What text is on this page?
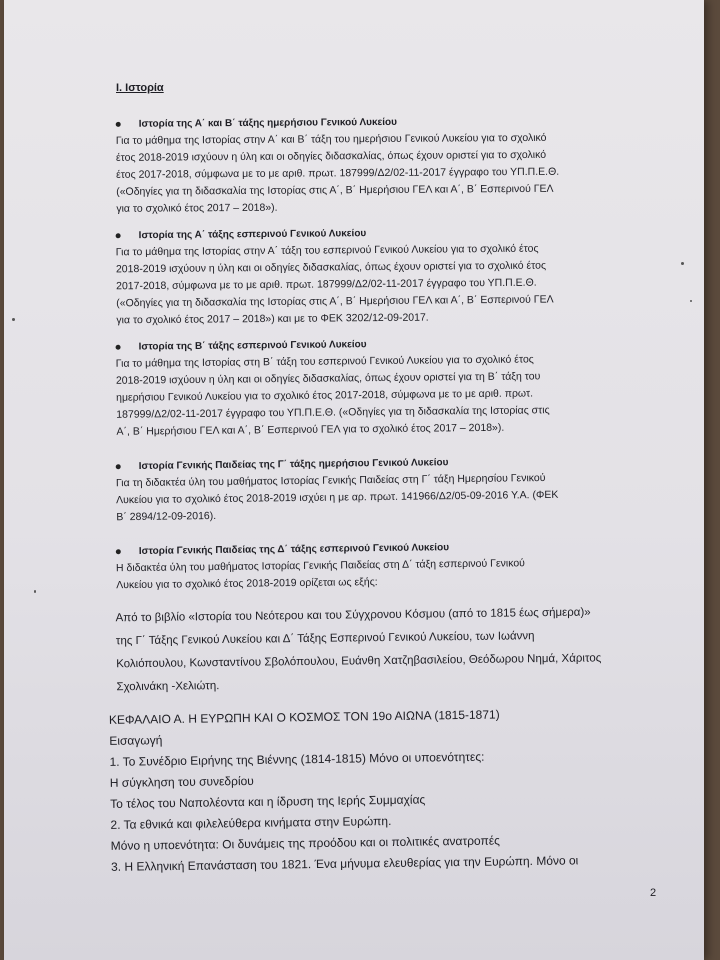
I. Ιστορία
Ιστορία της Α΄ και Β΄ τάξης ημερήσιου Γενικού Λυκείου
Για το μάθημα της Ιστορίας στην Α΄ και Β΄ τάξη του ημερήσιου Γενικού Λυκείου για το σχολικό
έτος 2018-2019 ισχύουν η ύλη και οι οδηγίες διδασκαλίας, όπως έχουν οριστεί για το σχολικό
έτος 2017-2018, σύμφωνα με το με αριθ. πρωτ. 187999/Δ2/02-11-2017 έγγραφο του ΥΠ.Π.Ε.Θ.
(«Οδηγίες για τη διδασκαλία της Ιστορίας στις Α΄, Β΄ Ημερήσιου ΓΕΛ και Α΄, Β΄ Εσπερινού ΓΕΛ
για το σχολικό έτος 2017 – 2018»).
Ιστορία της Α΄ τάξης εσπερινού Γενικού Λυκείου
Για το μάθημα της Ιστορίας στην Α΄ τάξη του εσπερινού Γενικού Λυκείου για το σχολικό έτος
2018-2019 ισχύουν η ύλη και οι οδηγίες διδασκαλίας, όπως έχουν οριστεί για το σχολικό έτος
2017-2018, σύμφωνα με το με αριθ. πρωτ. 187999/Δ2/02-11-2017 έγγραφο του ΥΠ.Π.Ε.Θ.
(«Οδηγίες για τη διδασκαλία της Ιστορίας στις Α΄, Β΄ Ημερήσιου ΓΕΛ και Α΄, Β΄ Εσπερινού ΓΕΛ
για το σχολικό έτος 2017 – 2018») και με το ΦΕΚ 3202/12-09-2017.
Ιστορία της Β΄ τάξης εσπερινού Γενικού Λυκείου
Για το μάθημα της Ιστορίας στη Β΄ τάξη του εσπερινού Γενικού Λυκείου για το σχολικό έτος
2018-2019 ισχύουν η ύλη και οι οδηγίες διδασκαλίας, όπως έχουν οριστεί για τη Β΄ τάξη του
ημερήσιου Γενικού Λυκείου για το σχολικό έτος 2017-2018, σύμφωνα με το με αριθ. πρωτ.
187999/Δ2/02-11-2017 έγγραφο του ΥΠ.Π.Ε.Θ. («Οδηγίες για τη διδασκαλία της Ιστορίας στις
Α΄, Β΄ Ημερήσιου ΓΕΛ και Α΄, Β΄ Εσπερινού ΓΕΛ για το σχολικό έτος 2017 – 2018»).
Ιστορία Γενικής Παιδείας της Γ΄ τάξης ημερήσιου Γενικού Λυκείου
Για τη διδακτέα ύλη του μαθήματος Ιστορίας Γενικής Παιδείας στη Γ΄ τάξη Ημερησίου Γενικού
Λυκείου για το σχολικό έτος 2018-2019 ισχύει η με αρ. πρωτ. 141966/Δ2/05-09-2016 Υ.Α. (ΦΕΚ
Β΄ 2894/12-09-2016).
Ιστορία Γενικής Παιδείας της Δ΄ τάξης εσπερινού Γενικού Λυκείου
Η διδακτέα ύλη του μαθήματος Ιστορίας Γενικής Παιδείας στη Δ΄ τάξη εσπερινού Γενικού
Λυκείου για το σχολικό έτος 2018-2019 ορίζεται ως εξής:
Από το βιβλίο «Ιστορία του Νεότερου και του Σύγχρονου Κόσμου (από το 1815 έως σήμερα)»
της Γ΄ Τάξης Γενικού Λυκείου και Δ΄ Τάξης Εσπερινού Γενικού Λυκείου, των Ιωάννη
Κολιόπουλου, Κωνσταντίνου Σβολόπουλου, Ευάνθη Χατζηβασιλείου, Θεόδωρου Νημά, Χάριτος
Σχολινάκη -Χελιώτη.
ΚΕΦΑΛΑΙΟ Α. Η ΕΥΡΩΠΗ ΚΑΙ Ο ΚΟΣΜΟΣ ΤΟΝ 19ο ΑΙΩΝΑ (1815-1871)
Εισαγωγή
1. Το Συνέδριο Ειρήνης της Βιέννης (1814-1815) Μόνο οι υποενότητες:
Η σύγκληση του συνεδρίου
Το τέλος του Ναπολέοντα και η ίδρυση της Ιερής Συμμαχίας
2. Τα εθνικά και φιλελεύθερα κινήματα στην Ευρώπη.
Μόνο η υποενότητα: Οι δυνάμεις της προόδου και οι πολιτικές ανατροπές
3. Η Ελληνική Επανάσταση του 1821. Ένα μήνυμα ελευθερίας για την Ευρώπη. Μόνο οι
2
